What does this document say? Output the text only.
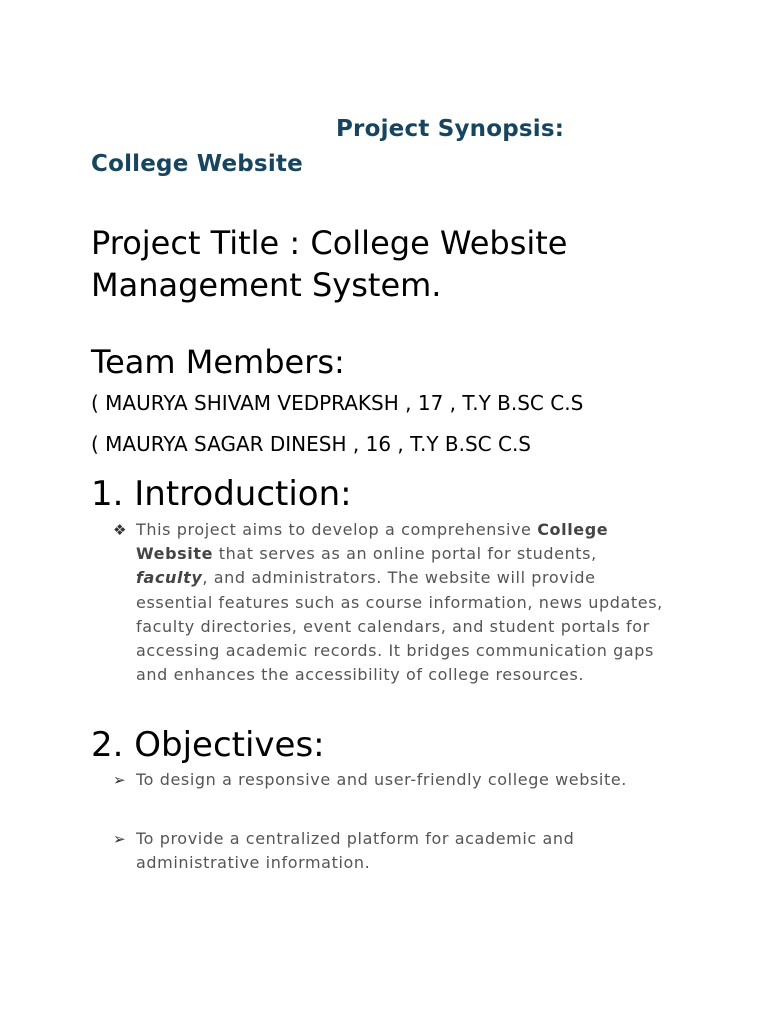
Project Synopsis:
College Website
Project Title : College Website
Management System.
Team Members:
( MAURYA SHIVAM VEDPRAKSH , 17 , T.Y B.SC C.S
( MAURYA SAGAR DINESH , 16 , T.Y B.SC C.S
1. Introduction:
❖ This project aims to develop a comprehensive College Website that serves as an online portal for students, faculty, and administrators. The website will provide essential features such as course information, news updates, faculty directories, event calendars, and student portals for accessing academic records. It bridges communication gaps and enhances the accessibility of college resources.
2. Objectives:
➢ To design a responsive and user-friendly college website.
➢ To provide a centralized platform for academic and administrative information.
